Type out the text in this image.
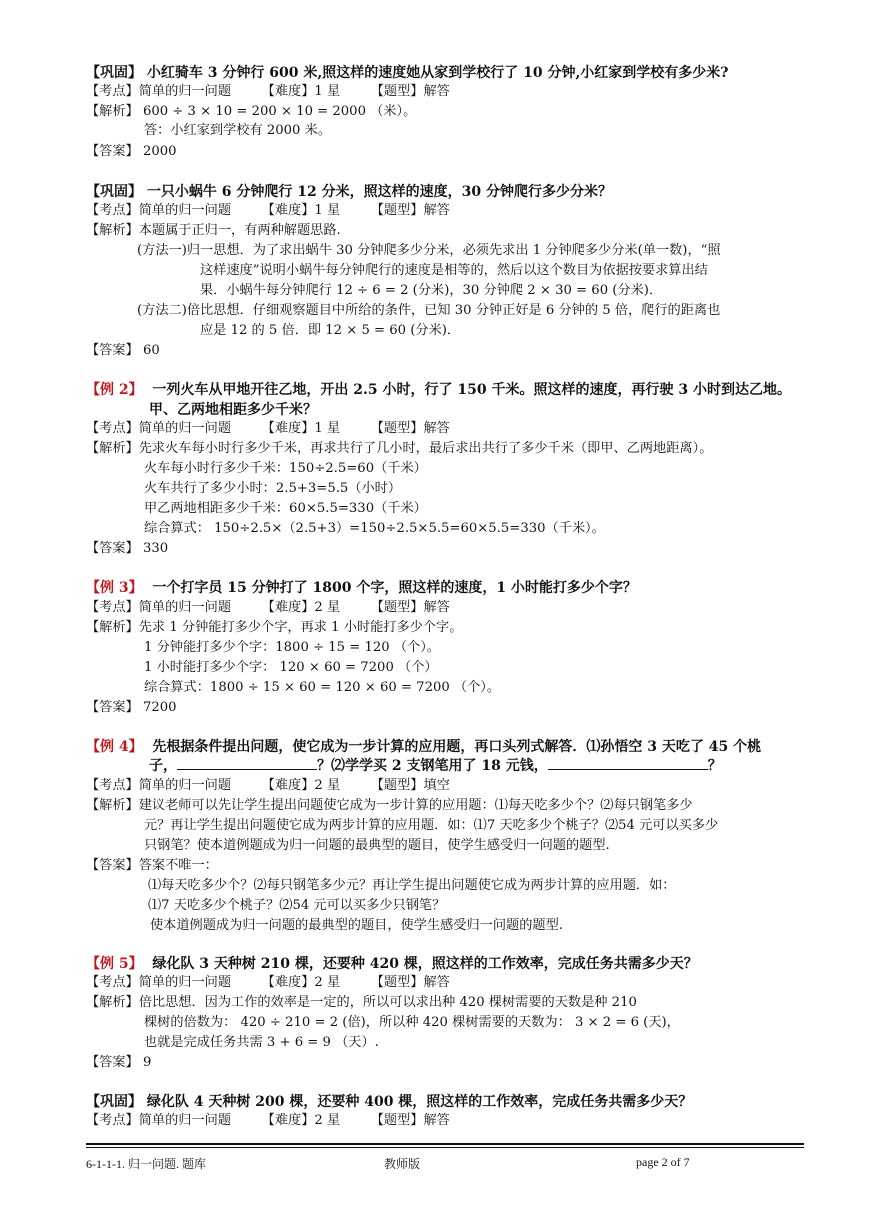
【巩固】 小红骑车 3 分钟行 600 米,照这样的速度她从家到学校行了 10 分钟,小红家到学校有多少米?
【考点】简单的归一问题　　 【难度】1 星　　 【题型】解答
【解析】 600 ÷ 3 × 10 = 200 × 10 = 2000 （米）。
答：小红家到学校有 2000 米。
【答案】 2000
【巩固】 一只小蜗牛 6 分钟爬行 12 分米，照这样的速度，30 分钟爬行多少分米？
【考点】简单的归一问题　　 【难度】1 星　　 【题型】解答
【解析】本题属于正归一，有两种解题思路.
(方法一)归一思想．为了求出蜗牛 30 分钟爬多少分米，必须先求出 1 分钟爬多少分米(单一数)，“照
这样速度”说明小蜗牛每分钟爬行的速度是相等的，然后以这个数目为依据按要求算出结
果．小蜗牛每分钟爬行 12 ÷ 6 = 2 (分米)，30 分钟爬 2 × 30 = 60 (分米)．
(方法二)倍比思想．仔细观察题目中所给的条件，已知 30 分钟正好是 6 分钟的 5 倍，爬行的距离也
应是 12 的 5 倍．即 12 × 5 = 60 (分米)．
【答案】 60
【例 2】 一列火车从甲地开往乙地，开出 2.5 小时，行了 150 千米。照这样的速度，再行驶 3 小时到达乙地。
甲、乙两地相距多少千米？
【考点】简单的归一问题　　 【难度】1 星　　 【题型】解答
【解析】先求火车每小时行多少千米，再求共行了几小时，最后求出共行了多少千米（即甲、乙两地距离）。
火车每小时行多少千米：150÷2.5=60（千米）
火车共行了多少小时：2.5+3=5.5（小时）
甲乙两地相距多少千米：60×5.5=330（千米）
综合算式： 150÷2.5×（2.5+3）=150÷2.5×5.5=60×5.5=330（千米）。
【答案】 330
【例 3】 一个打字员 15 分钟打了 1800 个字，照这样的速度，1 小时能打多少个字？
【考点】简单的归一问题　　 【难度】2 星　　 【题型】解答
【解析】先求 1 分钟能打多少个字，再求 1 小时能打多少个字。
1 分钟能打多少个字：1800 ÷ 15 = 120 （个）。
1 小时能打多少个字： 120 × 60 = 7200 （个）
综合算式：1800 ÷ 15 × 60 = 120 × 60 = 7200 （个）。
【答案】 7200
【例 4】 先根据条件提出问题，使它成为一步计算的应用题，再口头列式解答．⑴孙悟空 3 天吃了 45 个桃
子，	？⑵学学买 2 支钢笔用了 18 元钱，	？
【考点】简单的归一问题　　 【难度】2 星　　 【题型】填空
【解析】建议老师可以先让学生提出问题使它成为一步计算的应用题：⑴每天吃多少个？⑵每只钢笔多少
元？再让学生提出问题使它成为两步计算的应用题．如：⑴7 天吃多少个桃子？⑵54 元可以买多少
只钢笔？使本道例题成为归一问题的最典型的题目，使学生感受归一问题的题型.
【答案】答案不唯一：
⑴每天吃多少个？⑵每只钢笔多少元？再让学生提出问题使它成为两步计算的应用题．如：
⑴7 天吃多少个桃子？⑵54 元可以买多少只钢笔？
使本道例题成为归一问题的最典型的题目，使学生感受归一问题的题型.
【例 5】 绿化队 3 天种树 210 棵，还要种 420 棵，照这样的工作效率，完成任务共需多少天？
【考点】简单的归一问题　　 【难度】2 星　　 【题型】解答
【解析】倍比思想．因为工作的效率是一定的，所以可以求出种 420 棵树需要的天数是种 210
棵树的倍数为： 420 ÷ 210 = 2 (倍)，所以种 420 棵树需要的天数为： 3 × 2 = 6 (天)，
也就是完成任务共需 3 + 6 = 9 （天）.
【答案】 9
【巩固】 绿化队 4 天种树 200 棵，还要种 400 棵，照这样的工作效率，完成任务共需多少天？
【考点】简单的归一问题　　 【难度】2 星　　 【题型】解答
6-1-1-1. 归一问题. 题库	教师版	page 2 of 7
